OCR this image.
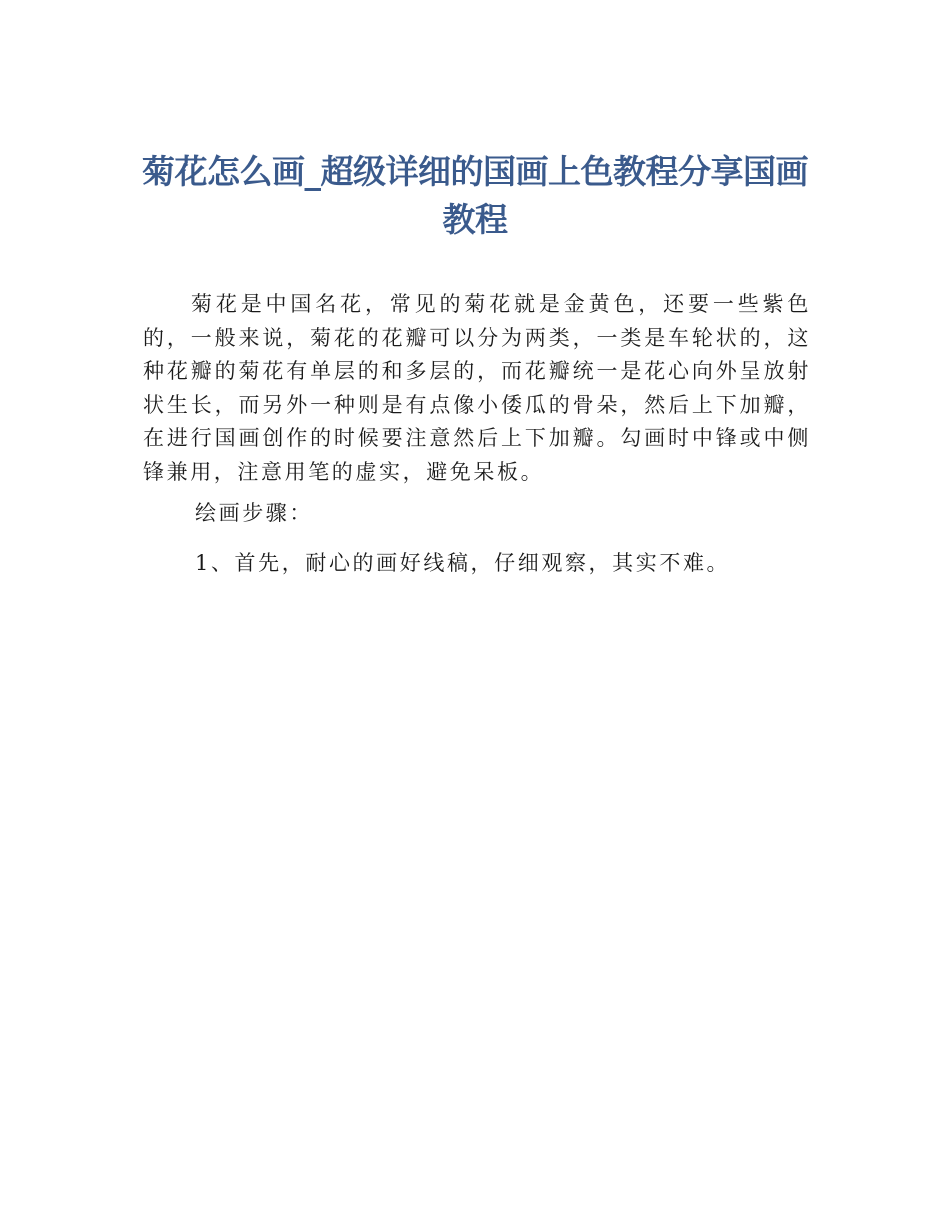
菊花怎么画_超级详细的国画上色教程分享国画教程

菊花是中国名花，常见的菊花就是金黄色，还要一些紫色的，一般来说，菊花的花瓣可以分为两类，一类是车轮状的，这种花瓣的菊花有单层的和多层的，而花瓣统一是花心向外呈放射状生长，而另外一种则是有点像小倭瓜的骨朵，然后上下加瓣，在进行国画创作的时候要注意然后上下加瓣。勾画时中锋或中侧锋兼用，注意用笔的虚实，避免呆板。

绘画步骤：

1、首先，耐心的画好线稿，仔细观察，其实不难。
